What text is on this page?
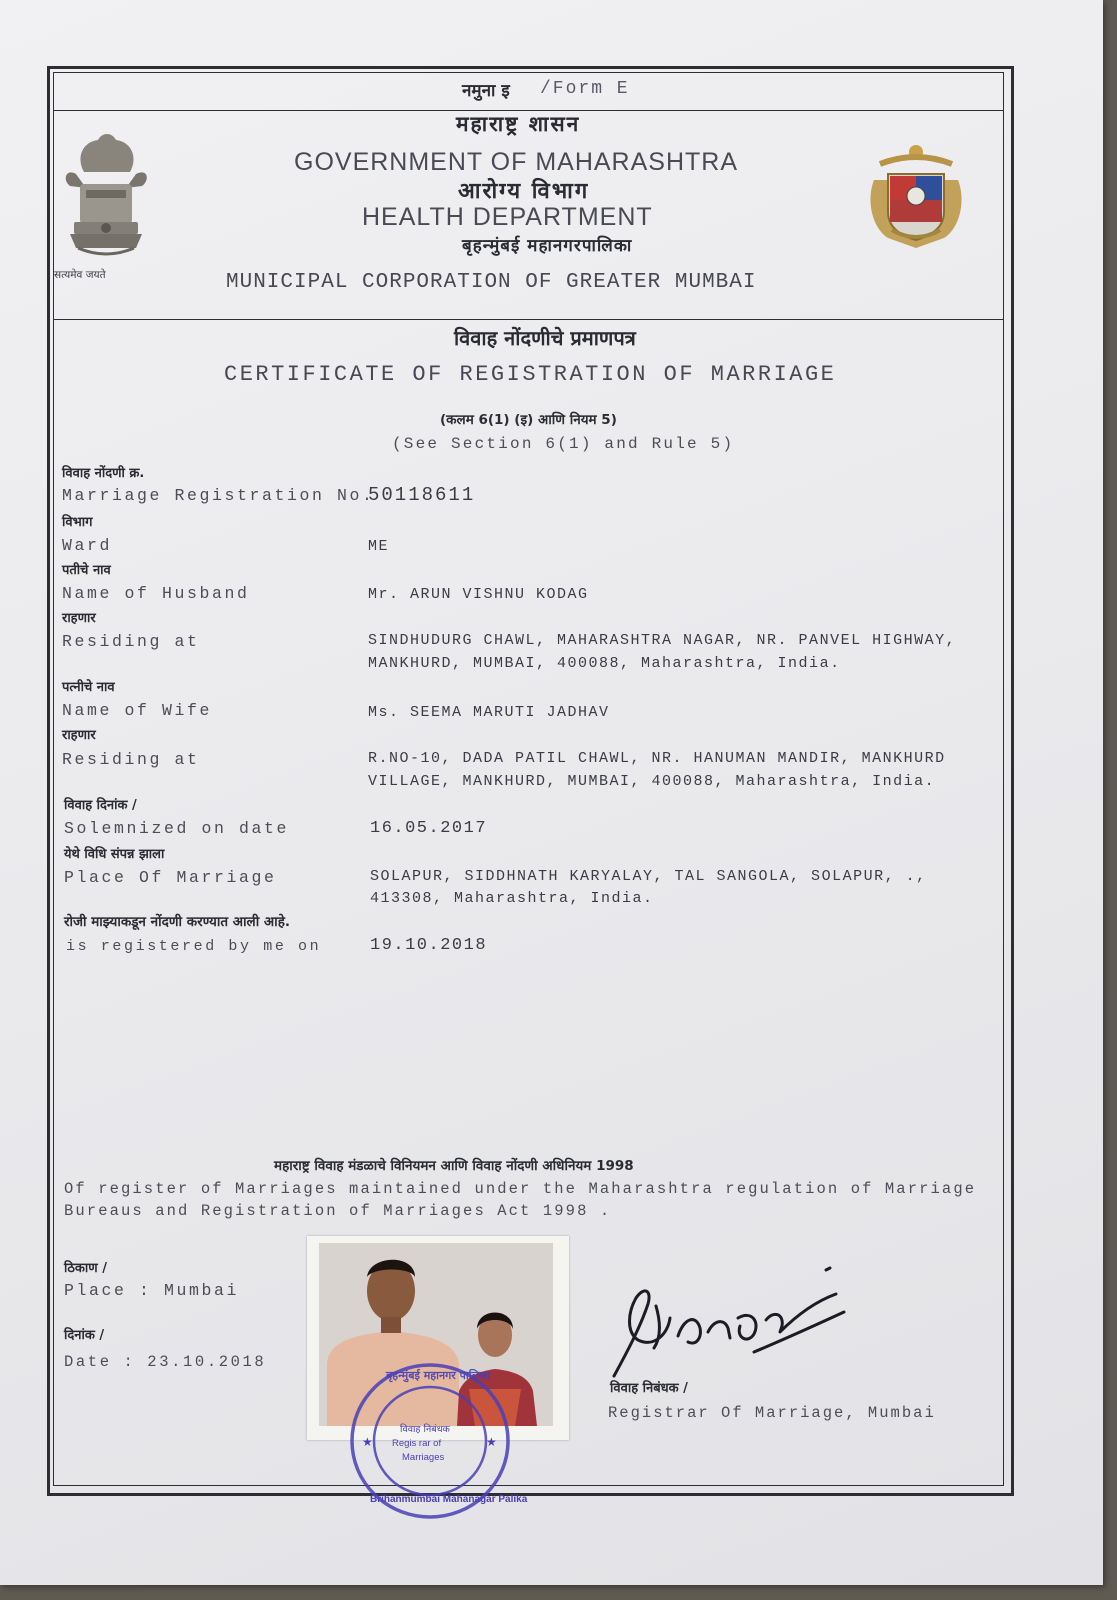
नमुना इ /Form E
महाराष्ट्र शासन
GOVERNMENT OF MAHARASHTRA
आरोग्य विभाग
HEALTH DEPARTMENT
बृहन्मुंबई महानगरपालिका
MUNICIPAL CORPORATION OF GREATER MUMBAI
सत्यमेव जयते
विवाह नोंदणीचे प्रमाणपत्र
CERTIFICATE OF REGISTRATION OF MARRIAGE
(कलम 6(1) (इ) आणि नियम 5)
(See Section 6(1) and Rule 5)
विवाह नोंदणी क्र.
Marriage Registration No.
50118611
विभाग
Ward	ME
पतीचे नाव
Name of Husband	Mr. ARUN VISHNU KODAG
राहणार
Residing at	SINDHUDURG CHAWL, MAHARASHTRA NAGAR, NR. PANVEL HIGHWAY,
MANKHURD, MUMBAI, 400088, Maharashtra, India.
पत्नीचे नाव
Name of Wife	Ms. SEEMA MARUTI JADHAV
राहणार
Residing at	R.NO-10, DADA PATIL CHAWL, NR. HANUMAN MANDIR, MANKHURD
VILLAGE, MANKHURD, MUMBAI, 400088, Maharashtra, India.
विवाह दिनांक /
Solemnized on date	16.05.2017
येथे विधि संपन्न झाला
Place Of Marriage	SOLAPUR, SIDDHNATH KARYALAY, TAL SANGOLA, SOLAPUR, .,
413308, Maharashtra, India.
रोजी माझ्याकडून नोंदणी करण्यात आली आहे.
is registered by me on	19.10.2018
महाराष्ट्र विवाह मंडळाचे विनियमन आणि विवाह नोंदणी अधिनियम 1998
Of register of Marriages maintained under the Maharashtra regulation of Marriage
Bureaus and Registration of Marriages Act 1998 .
ठिकाण /
Place : Mumbai
दिनांक /
Date : 23.10.2018
★	★
बृहन्मुंबई महानगर पालिका
विवाह निबंधक
Regis rar of
Marriages
Brihanmumbai Mahanagar Palika
विवाह निबंधक /
Registrar Of Marriage, Mumbai
